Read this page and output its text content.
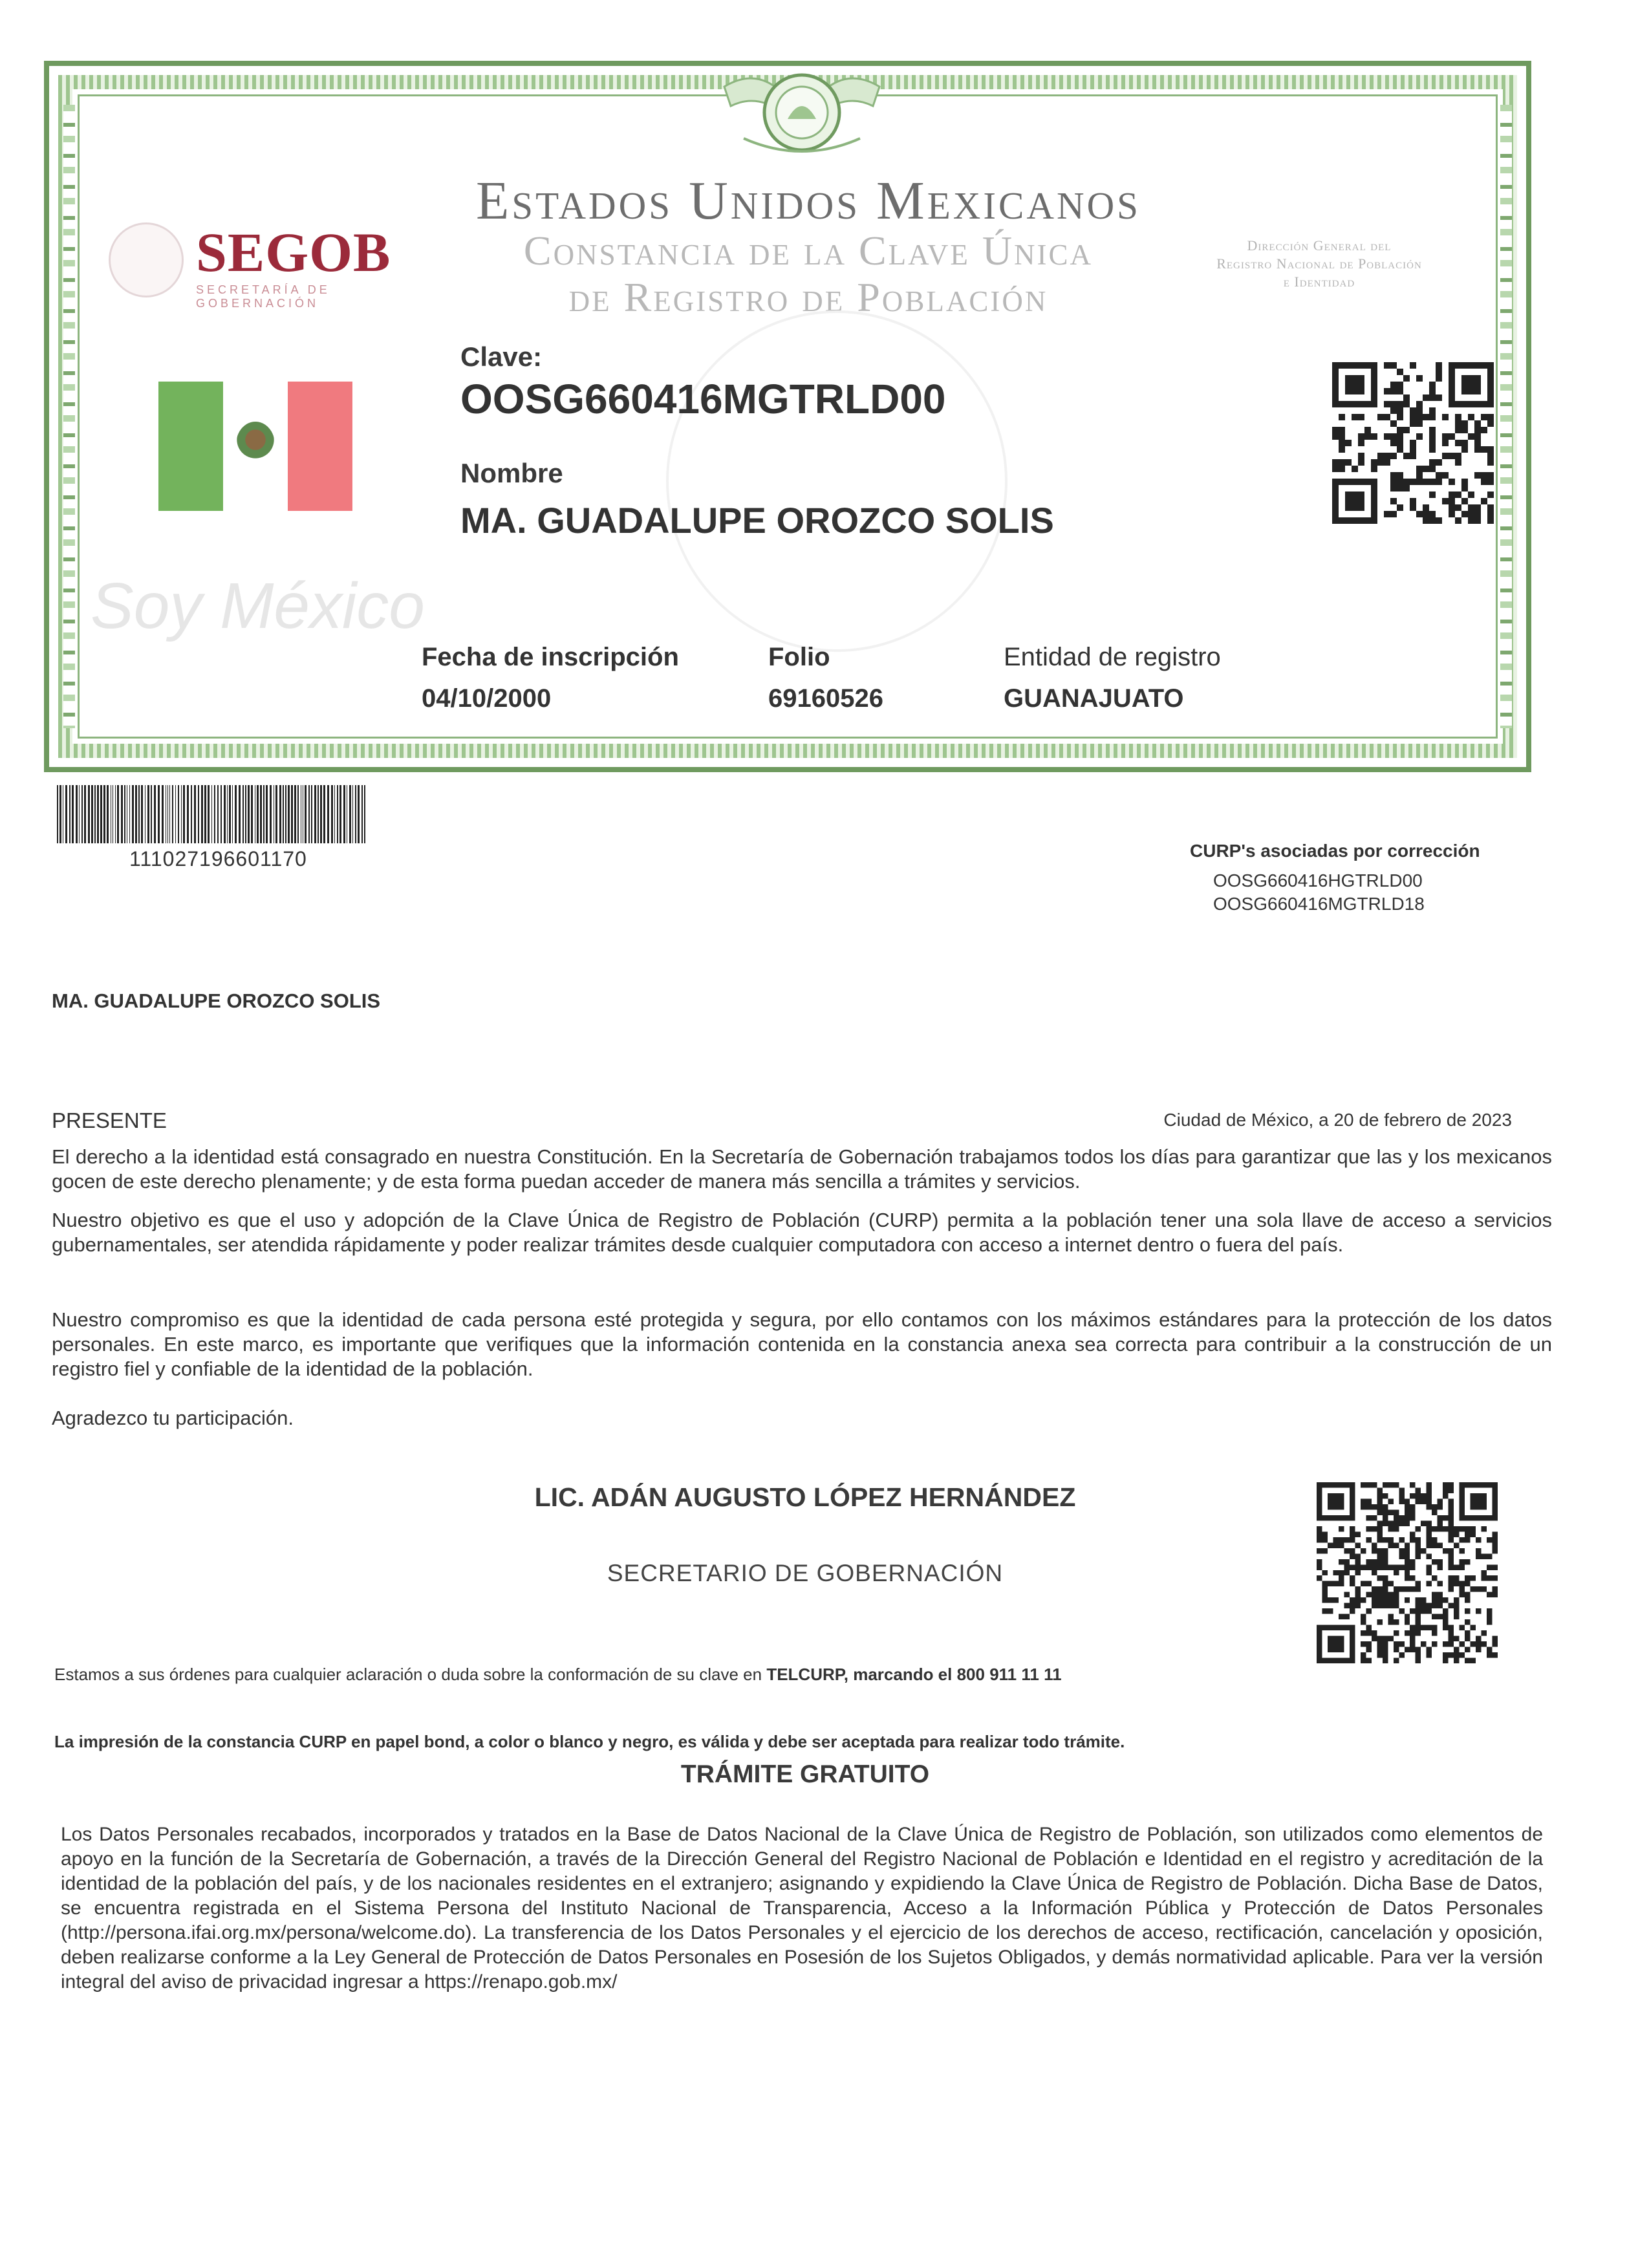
SEGOB
SECRETARÍA DE GOBERNACIÓN
Estados Unidos Mexicanos
Constancia de la Clave Única
de Registro de Población
Dirección General del
Registro Nacional de Población
e Identidad
Clave:
OOSG660416MGTRLD00
Nombre
MA. GUADALUPE OROZCO SOLIS
Soy México
Fecha de inscripción
04/10/2000
Folio
69160526
Entidad de registro
GUANAJUATO
111027196601170	CURP's asociadas por corrección
OOSG660416HGTRLD00
OOSG660416MGTRLD18
MA. GUADALUPE OROZCO SOLIS
PRESENTE	Ciudad de México, a 20 de febrero de 2023
El derecho a la identidad está consagrado en nuestra Constitución. En la Secretaría de Gobernación trabajamos todos los días para garantizar que las y los mexicanos gocen de este derecho plenamente; y de esta forma puedan acceder de manera más sencilla a trámites y servicios.
Nuestro objetivo es que el uso y adopción de la Clave Única de Registro de Población (CURP) permita a la población tener una sola llave de acceso a servicios gubernamentales, ser atendida rápidamente y poder realizar trámites desde cualquier computadora con acceso a internet dentro o fuera del país.
Nuestro compromiso es que la identidad de cada persona esté protegida y segura, por ello contamos con los máximos estándares para la protección de los datos personales. En este marco, es importante que verifiques que la información contenida en la constancia anexa sea correcta para contribuir a la construcción de un registro fiel y confiable de la identidad de la población.
Agradezco tu participación.
LIC. ADÁN AUGUSTO LÓPEZ HERNÁNDEZ
SECRETARIO DE GOBERNACIÓN
Estamos a sus órdenes para cualquier aclaración o duda sobre la conformación de su clave en TELCURP, marcando el 800 911 11 11
La impresión de la constancia CURP en papel bond, a color o blanco y negro, es válida y debe ser aceptada para realizar todo trámite.
TRÁMITE GRATUITO
Los Datos Personales recabados, incorporados y tratados en la Base de Datos Nacional de la Clave Única de Registro de Población, son utilizados como elementos de apoyo en la función de la Secretaría de Gobernación, a través de la Dirección General del Registro Nacional de Población e Identidad en el registro y acreditación de la identidad de la población del país, y de los nacionales residentes en el extranjero; asignando y expidiendo la Clave Única de Registro de Población. Dicha Base de Datos, se encuentra registrada en el Sistema Persona del Instituto Nacional de Transparencia, Acceso a la Información Pública y Protección de Datos Personales (http://persona.ifai.org.mx/persona/welcome.do). La transferencia de los Datos Personales y el ejercicio de los derechos de acceso, rectificación, cancelación y oposición, deben realizarse conforme a la Ley General de Protección de Datos Personales en Posesión de los Sujetos Obligados, y demás normatividad aplicable. Para ver la versión integral del aviso de privacidad ingresar a https://renapo.gob.mx/
